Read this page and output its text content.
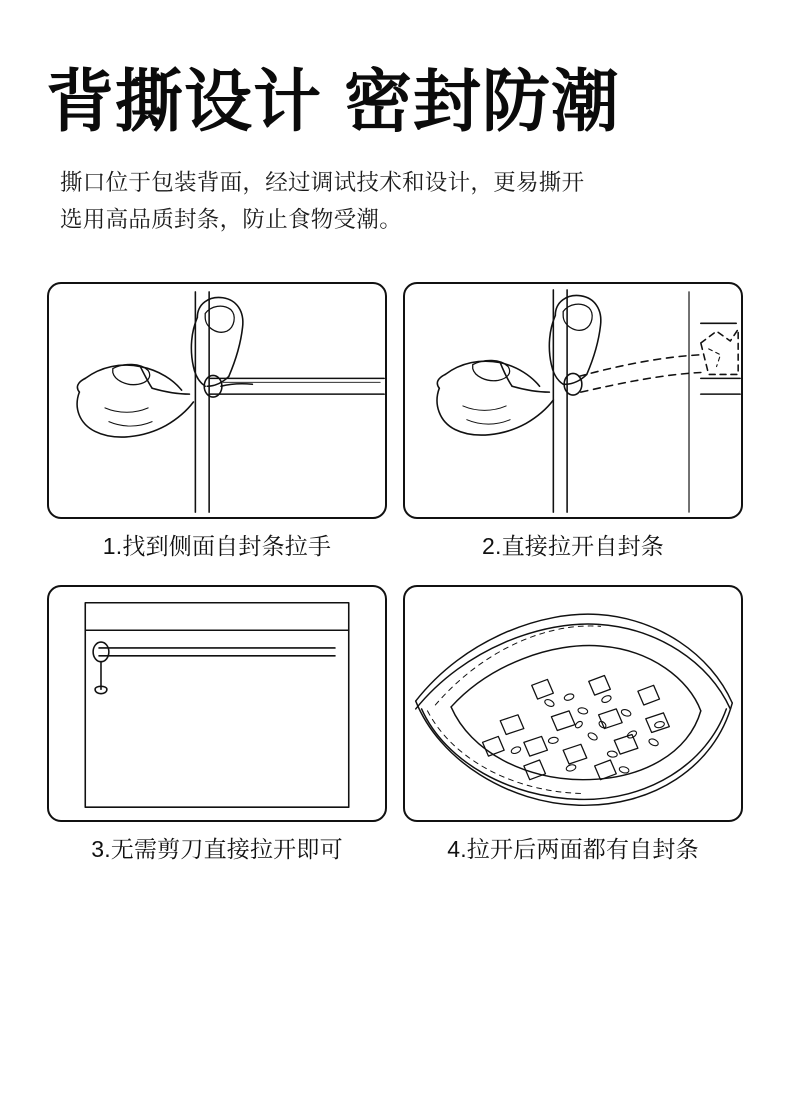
背撕设计 密封防潮
撕口位于包装背面，经过调试技术和设计，更易撕开
选用高品质封条，防止食物受潮。
1.找到侧面自封条拉手	2.直接拉开自封条
3.无需剪刀直接拉开即可	4.拉开后两面都有自封条
